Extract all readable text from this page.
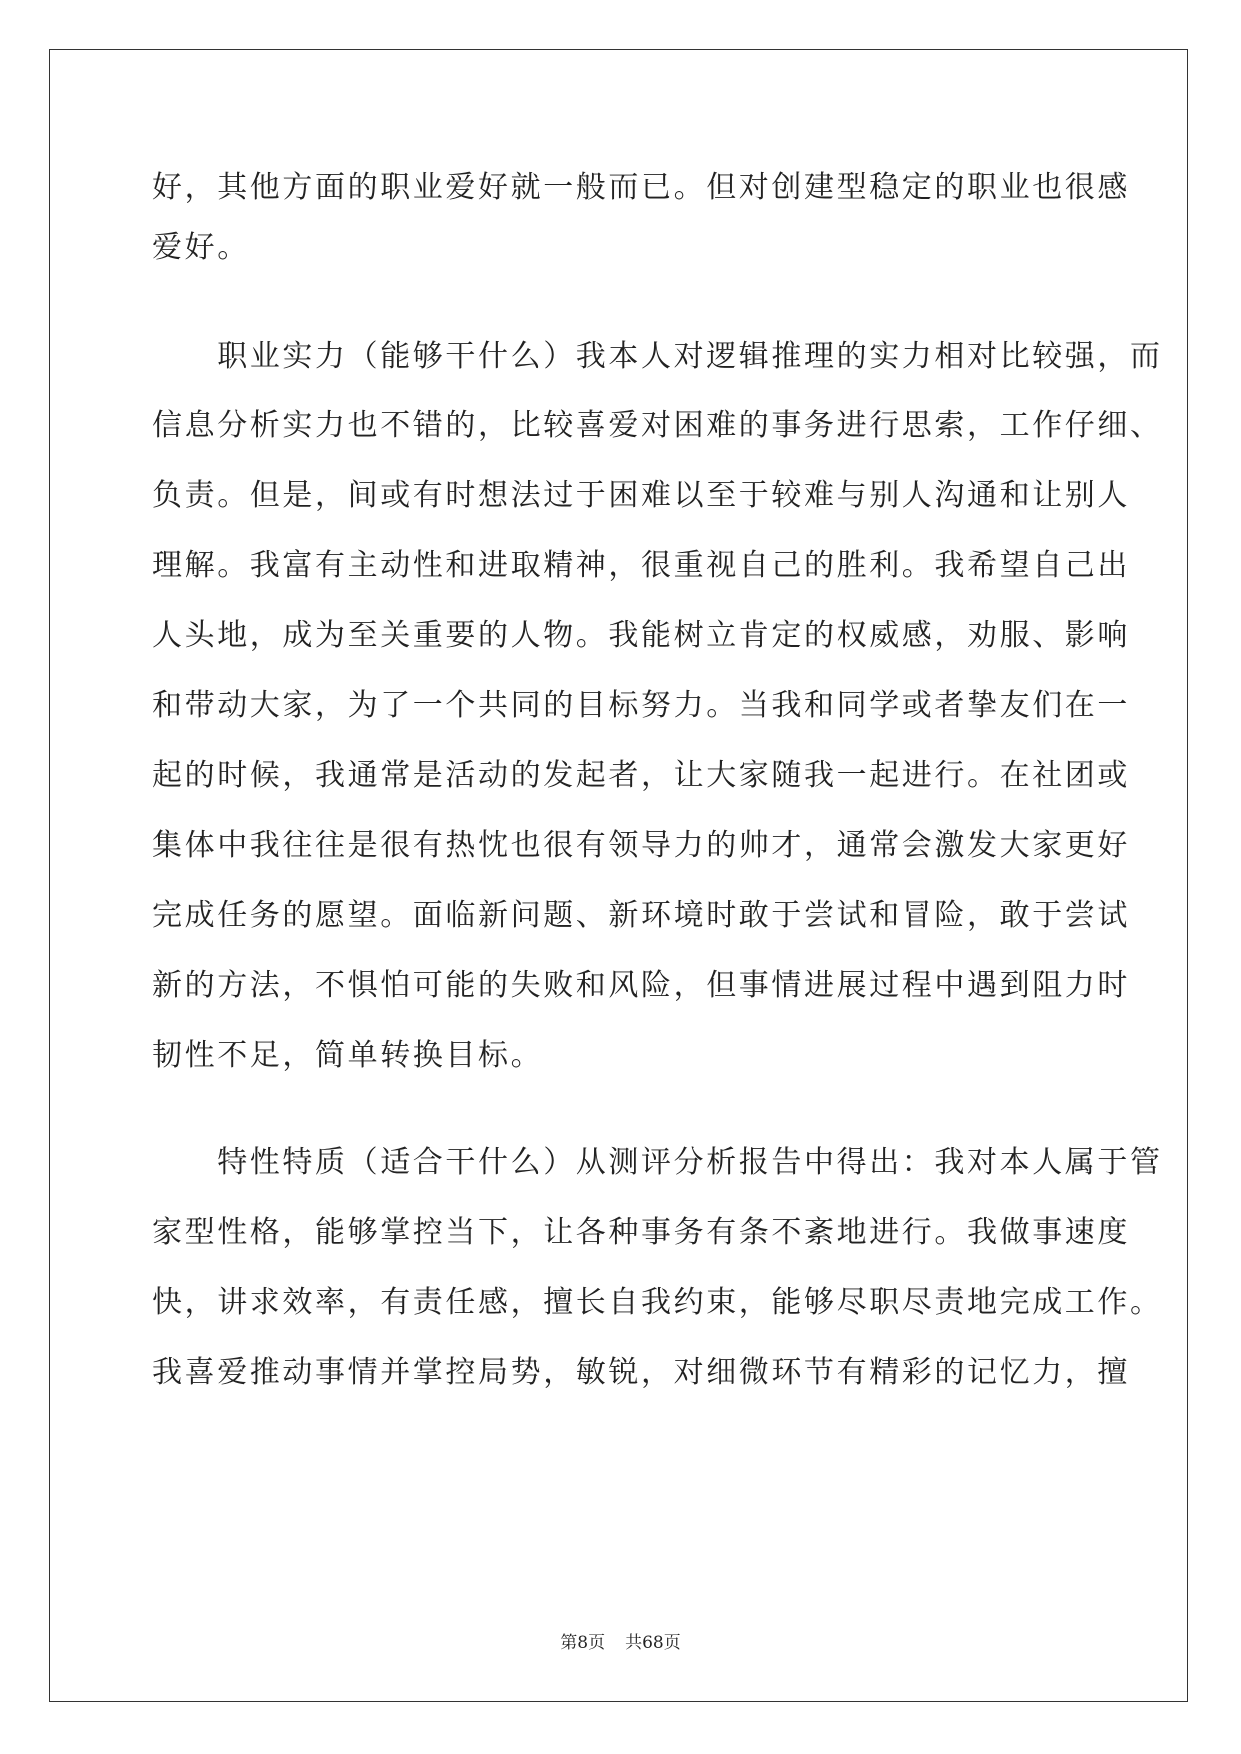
好，其他方面的职业爱好就一般而已。但对创建型稳定的职业也很感
爱好。
　　职业实力（能够干什么）我本人对逻辑推理的实力相对比较强，而
信息分析实力也不错的，比较喜爱对困难的事务进行思索，工作仔细、
负责。但是，间或有时想法过于困难以至于较难与别人沟通和让别人
理解。我富有主动性和进取精神，很重视自己的胜利。我希望自己出
人头地，成为至关重要的人物。我能树立肯定的权威感，劝服、影响
和带动大家，为了一个共同的目标努力。当我和同学或者挚友们在一
起的时候，我通常是活动的发起者，让大家随我一起进行。在社团或
集体中我往往是很有热忱也很有领导力的帅才，通常会激发大家更好
完成任务的愿望。面临新问题、新环境时敢于尝试和冒险，敢于尝试
新的方法，不惧怕可能的失败和风险，但事情进展过程中遇到阻力时
韧性不足，简单转换目标。
　　特性特质（适合干什么）从测评分析报告中得出：我对本人属于管
家型性格，能够掌控当下，让各种事务有条不紊地进行。我做事速度
快，讲求效率，有责任感，擅长自我约束，能够尽职尽责地完成工作。
我喜爱推动事情并掌控局势，敏锐，对细微环节有精彩的记忆力，擅
第8页 共68页
